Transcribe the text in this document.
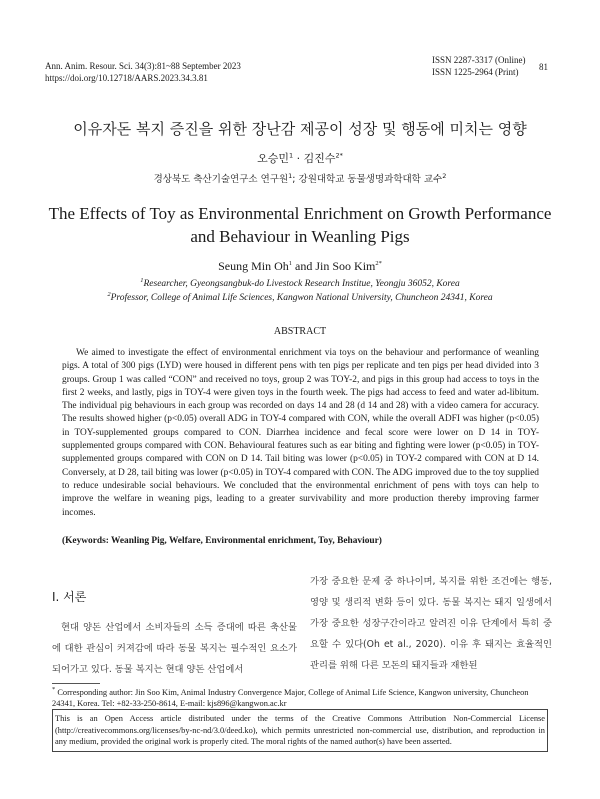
Ann. Anim. Resour. Sci. 34(3):81~88 September 2023
https://doi.org/10.12718/AARS.2023.34.3.81
ISSN 2287-3317 (Online)
ISSN 1225-2964 (Print)	81
이유자돈 복지 증진을 위한 장난감 제공이 성장 및 행동에 미치는 영향
오승민$^1$ · 김진수$^{2*}$
경상북도 축산기술연구소 연구원$^1$; 강원대학교 동물생명과학대학 교수$^2$
The Effects of Toy as Environmental Enrichment on Growth Performance and Behaviour in Weanling Pigs
Seung Min Oh$^1$ and Jin Soo Kim$^{2*}$
$^1$Researcher, Gyeongsangbuk-do Livestock Research Institue, Yeongju 36052, Korea
$^2$Professor, College of Animal Life Sciences, Kangwon National University, Chuncheon 24341, Korea
ABSTRACT

We aimed to investigate the effect of environmental enrichment via toys on the behaviour and performance of weanling pigs. A total of 300 pigs (LYD) were housed in different pens with ten pigs per replicate and ten pigs per head divided into 3 groups. Group 1 was called “CON” and received no toys, group 2 was TOY-2, and pigs in this group had access to toys in the first 2 weeks, and lastly, pigs in TOY-4 were given toys in the fourth week. The pigs had access to feed and water ad-libitum. The individual pig behaviours in each group was recorded on days 14 and 28 (d 14 and 28) with a video camera for accuracy. The results showed higher (p<0.05) overall ADG in TOY-4 compared with CON, while the overall ADFI was higher (p<0.05) in TOY-supplemented groups compared to CON. Diarrhea incidence and fecal score were lower on D 14 in TOY-supplemented groups compared with CON. Behavioural features such as ear biting and fighting were lower (p<0.05) in TOY-supplemented groups compared with CON on D 14. Tail biting was lower (p<0.05) in TOY-2 compared with CON at D 14. Conversely, at D 28, tail biting was lower (p<0.05) in TOY-4 compared with CON. The ADG improved due to the toy supplied to reduce undesirable social behaviours. We concluded that the environmental enrichment of pens with toys can help to improve the welfare in weaning pigs, leading to a greater survivability and more production thereby improving farmer incomes.

(Keywords: Weanling Pig, Welfare, Environmental enrichment, Toy, Behaviour)

Ⅰ. 서론

현대 양돈 산업에서 소비자들의 소득 증대에 따른 축산물에 대한 관심이 커져감에 따라 동물 복지는 필수적인 요소가 되어가고 있다. 동물 복지는 현대 양돈 산업에서

가장 중요한 문제 중 하나이며, 복지를 위한 조건에는 행동, 영양 및 생리적 변화 등이 있다. 동물 복지는 돼지 일생에서 가장 중요한 성장구간이라고 알려진 이유 단계에서 특히 중요할 수 있다(Oh et al., 2020). 이유 후 돼지는 효율적인 관리를 위해 다른 모돈의 돼지들과 재한된

* Corresponding author: Jin Soo Kim, Animal Industry Convergence Major, College of Animal Life Science, Kangwon university, Chuncheon 24341, Korea. Tel: +82-33-250-8614, E-mail: kjs896@kangwon.ac.kr

This is an Open Access article distributed under the terms of the Creative Commons Attribution Non-Commercial License (http://creativecommons.org/licenses/by-nc-nd/3.0/deed.ko), which permits unrestricted non-commercial use, distribution, and reproduction in any medium, provided the original work is properly cited. The moral rights of the named author(s) have been asserted.
